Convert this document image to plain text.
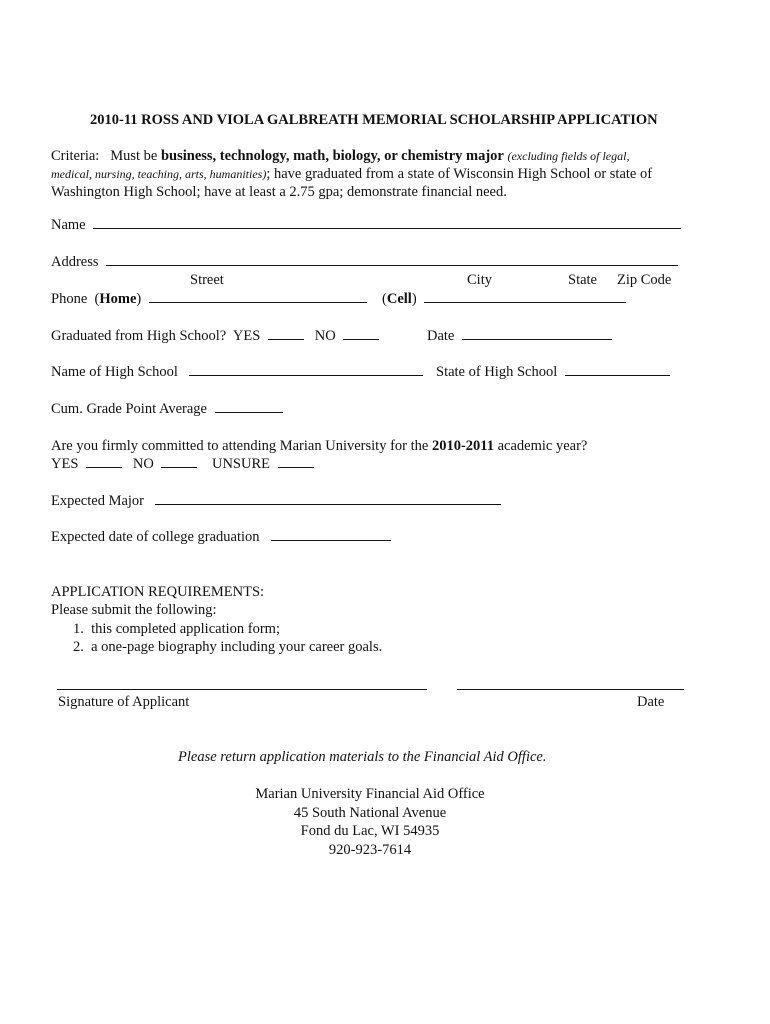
2010-11 ROSS AND VIOLA GALBREATH MEMORIAL SCHOLARSHIP APPLICATION
Criteria: Must be business, technology, math, biology, or chemistry major (excluding fields of legal,
medical, nursing, teaching, arts, humanities); have graduated from a state of Wisconsin High School or state of
Washington High School; have at least a 2.75 gpa; demonstrate financial need.
Name
Address
Street	City	State Zip Code
Phone  (Home)	(Cell)
Graduated from High School? YES	NO	Date
Name of High School	State of High School
Cum. Grade Point Average
Are you firmly committed to attending Marian University for the 2010-2011 academic year?
YES	NO	UNSURE
Expected Major
Expected date of college graduation
APPLICATION REQUIREMENTS:
Please submit the following:
1.  this completed application form;
2.  a one-page biography including your career goals.
Signature of Applicant	Date
Please return application materials to the Financial Aid Office.
Marian University Financial Aid Office
45 South National Avenue
Fond du Lac, WI 54935
920-923-7614
